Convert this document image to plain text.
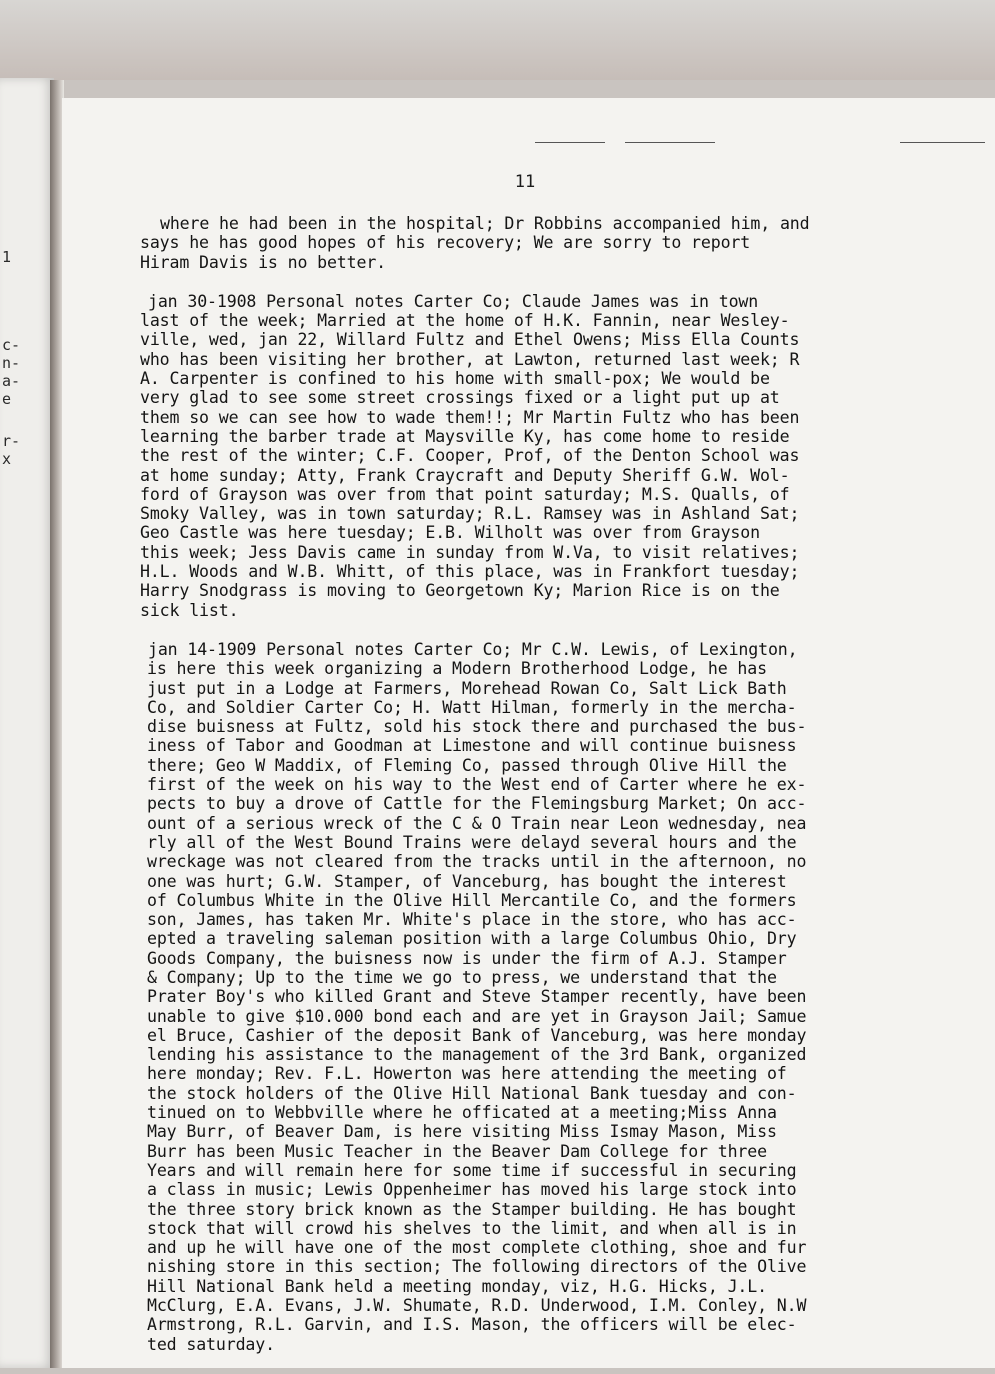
1
c-
n-
a-
e
r-
x
11
where he had been in the hospital; Dr Robbins accompanied him, and
says he has good hopes of his recovery; We are sorry to report
Hiram Davis is no better.
jan 30-1908 Personal notes Carter Co; Claude James was in town
last of the week; Married at the home of H.K. Fannin, near Wesley-
ville, wed, jan 22, Willard Fultz and Ethel Owens; Miss Ella Counts
who has been visiting her brother, at Lawton, returned last week; R
A. Carpenter is confined to his home with small-pox; We would be
very glad to see some street crossings fixed or a light put up at
them so we can see how to wade them!!; Mr Martin Fultz who has been
learning the barber trade at Maysville Ky, has come home to reside
the rest of the winter; C.F. Cooper, Prof, of the Denton School was
at home sunday; Atty, Frank Craycraft and Deputy Sheriff G.W. Wol-
ford of Grayson was over from that point saturday; M.S. Qualls, of
Smoky Valley, was in town saturday; R.L. Ramsey was in Ashland Sat;
Geo Castle was here tuesday; E.B. Wilholt was over from Grayson
this week; Jess Davis came in sunday from W.Va, to visit relatives;
H.L. Woods and W.B. Whitt, of this place, was in Frankfort tuesday;
Harry Snodgrass is moving to Georgetown Ky; Marion Rice is on the
sick list.
jan 14-1909 Personal notes Carter Co; Mr C.W. Lewis, of Lexington,
is here this week organizing a Modern Brotherhood Lodge, he has
just put in a Lodge at Farmers, Morehead Rowan Co, Salt Lick Bath
Co, and Soldier Carter Co; H. Watt Hilman, formerly in the mercha-
dise buisness at Fultz, sold his stock there and purchased the bus-
iness of Tabor and Goodman at Limestone and will continue buisness
there; Geo W Maddix, of Fleming Co, passed through Olive Hill the
first of the week on his way to the West end of Carter where he ex-
pects to buy a drove of Cattle for the Flemingsburg Market; On acc-
ount of a serious wreck of the C & O Train near Leon wednesday, nea
rly all of the West Bound Trains were delayd several hours and the
wreckage was not cleared from the tracks until in the afternoon, no
one was hurt; G.W. Stamper, of Vanceburg, has bought the interest
of Columbus White in the Olive Hill Mercantile Co, and the formers
son, James, has taken Mr. White's place in the store, who has acc-
epted a traveling saleman position with a large Columbus Ohio, Dry
Goods Company, the buisness now is under the firm of A.J. Stamper
& Company; Up to the time we go to press, we understand that the
Prater Boy's who killed Grant and Steve Stamper recently, have been
unable to give $10.000 bond each and are yet in Grayson Jail; Samue
el Bruce, Cashier of the deposit Bank of Vanceburg, was here monday
lending his assistance to the management of the 3rd Bank, organized
here monday; Rev. F.L. Howerton was here attending the meeting of
the stock holders of the Olive Hill National Bank tuesday and con-
tinued on to Webbville where he officated at a meeting;Miss Anna
May Burr, of Beaver Dam, is here visiting Miss Ismay Mason, Miss
Burr has been Music Teacher in the Beaver Dam College for three
Years and will remain here for some time if successful in securing
a class in music; Lewis Oppenheimer has moved his large stock into
the three story brick known as the Stamper building. He has bought
stock that will crowd his shelves to the limit, and when all is in
and up he will have one of the most complete clothing, shoe and fur
nishing store in this section; The following directors of the Olive
Hill National Bank held a meeting monday, viz, H.G. Hicks, J.L.
McClurg, E.A. Evans, J.W. Shumate, R.D. Underwood, I.M. Conley, N.W
Armstrong, R.L. Garvin, and I.S. Mason, the officers will be elec-
ted saturday.
